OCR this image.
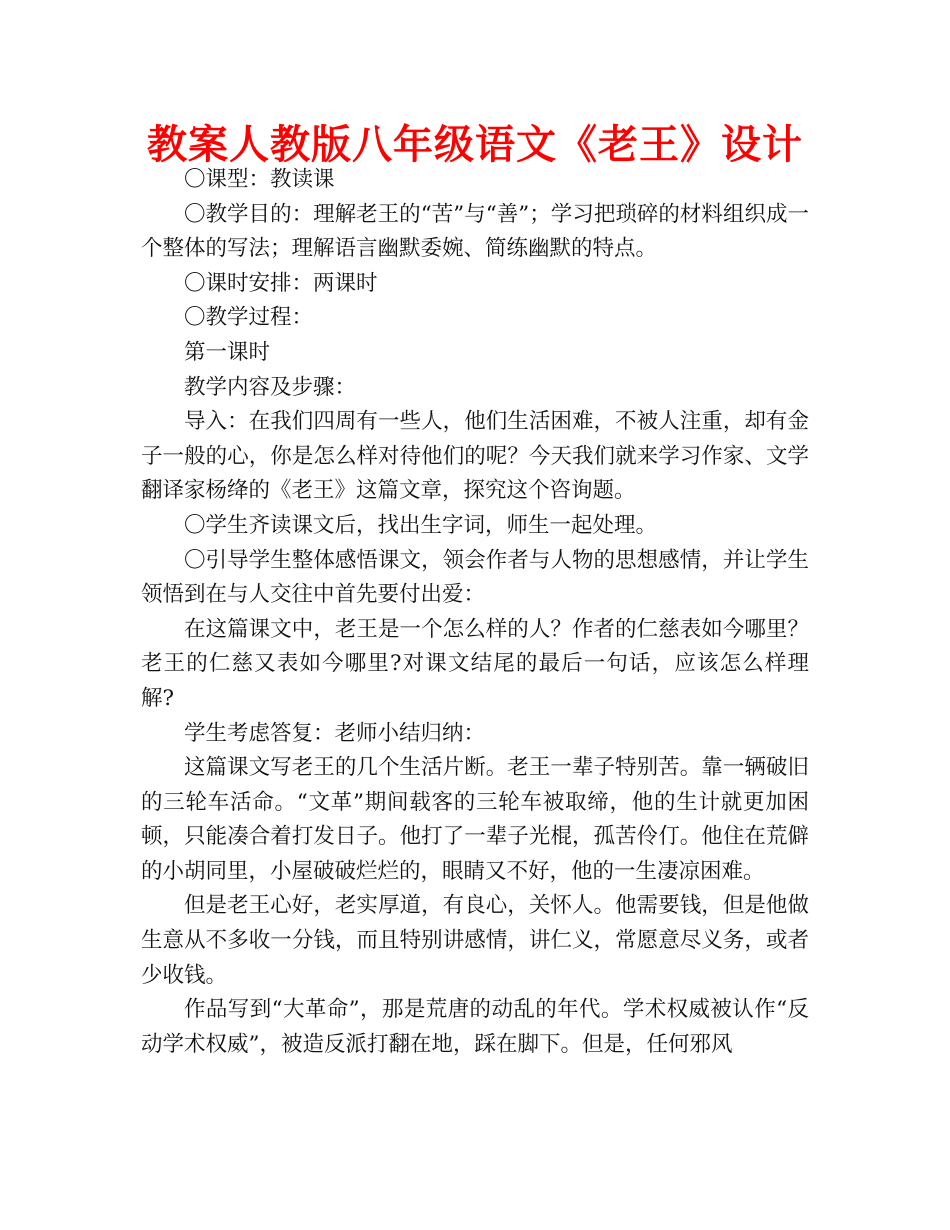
教案人教版八年级语文《老王》设计

〇课型：教读课

〇教学目的：理解老王的“苦”与“善”；学习把琐碎的材料组织成一个整体的写法；理解语言幽默委婉、简练幽默的特点。

〇课时安排：两课时

〇教学过程：

第一课时

教学内容及步骤：

导入：在我们四周有一些人，他们生活困难，不被人注重，却有金子一般的心，你是怎么样对待他们的呢？今天我们就来学习作家、文学翻译家杨绛的《老王》这篇文章，探究这个咨询题。

〇学生齐读课文后，找出生字词，师生一起处理。

〇引导学生整体感悟课文，领会作者与人物的思想感情，并让学生领悟到在与人交往中首先要付出爱：

在这篇课文中，老王是一个怎么样的人？作者的仁慈表如今哪里？老王的仁慈又表如今哪里?对课文结尾的最后一句话，应该怎么样理解?

学生考虑答复：老师小结归纳：

这篇课文写老王的几个生活片断。老王一辈子特别苦。靠一辆破旧的三轮车活命。“文革”期间载客的三轮车被取缔，他的生计就更加困顿，只能凑合着打发日子。他打了一辈子光棍，孤苦伶仃。他住在荒僻的小胡同里，小屋破破烂烂的，眼睛又不好，他的一生凄凉困难。

但是老王心好，老实厚道，有良心，关怀人。他需要钱，但是他做生意从不多收一分钱，而且特别讲感情，讲仁义，常愿意尽义务，或者少收钱。

作品写到“大革命”，那是荒唐的动乱的年代。学术权威被认作“反动学术权威”，被造反派打翻在地，踩在脚下。但是，任何邪风
